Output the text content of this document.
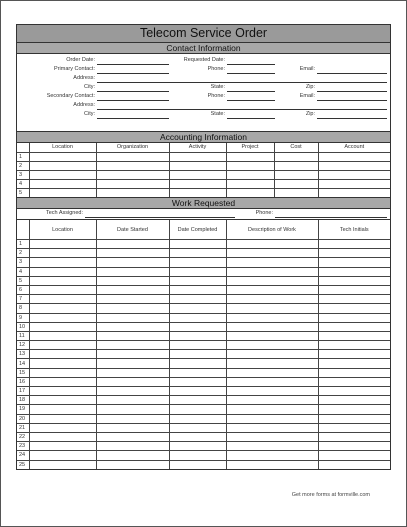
Telecom Service Order
Contact Information
Order Date:	Requested Date:
Primary Contact:	Phone:	Email:
Address:
City:	State:	Zip:
Secondary Contact:	Phone:	Email:
Address:
City:	State:	Zip:
Accounting Information
	Location	Organization	Activity	Project	Cost	Account
1						
2						
3						
4						
5						
Work Requested
Tech Assigned:	Phone:
	Location	Date Started	Date Completed	Description of Work	Tech Initials
1					
2					
3					
4					
5					
6					
7					
8					
9					
10					
11					
12					
13					
14					
15					
16					
17					
18					
19					
20					
21					
22					
23					
24					
25					
Get more forms at formville.com
